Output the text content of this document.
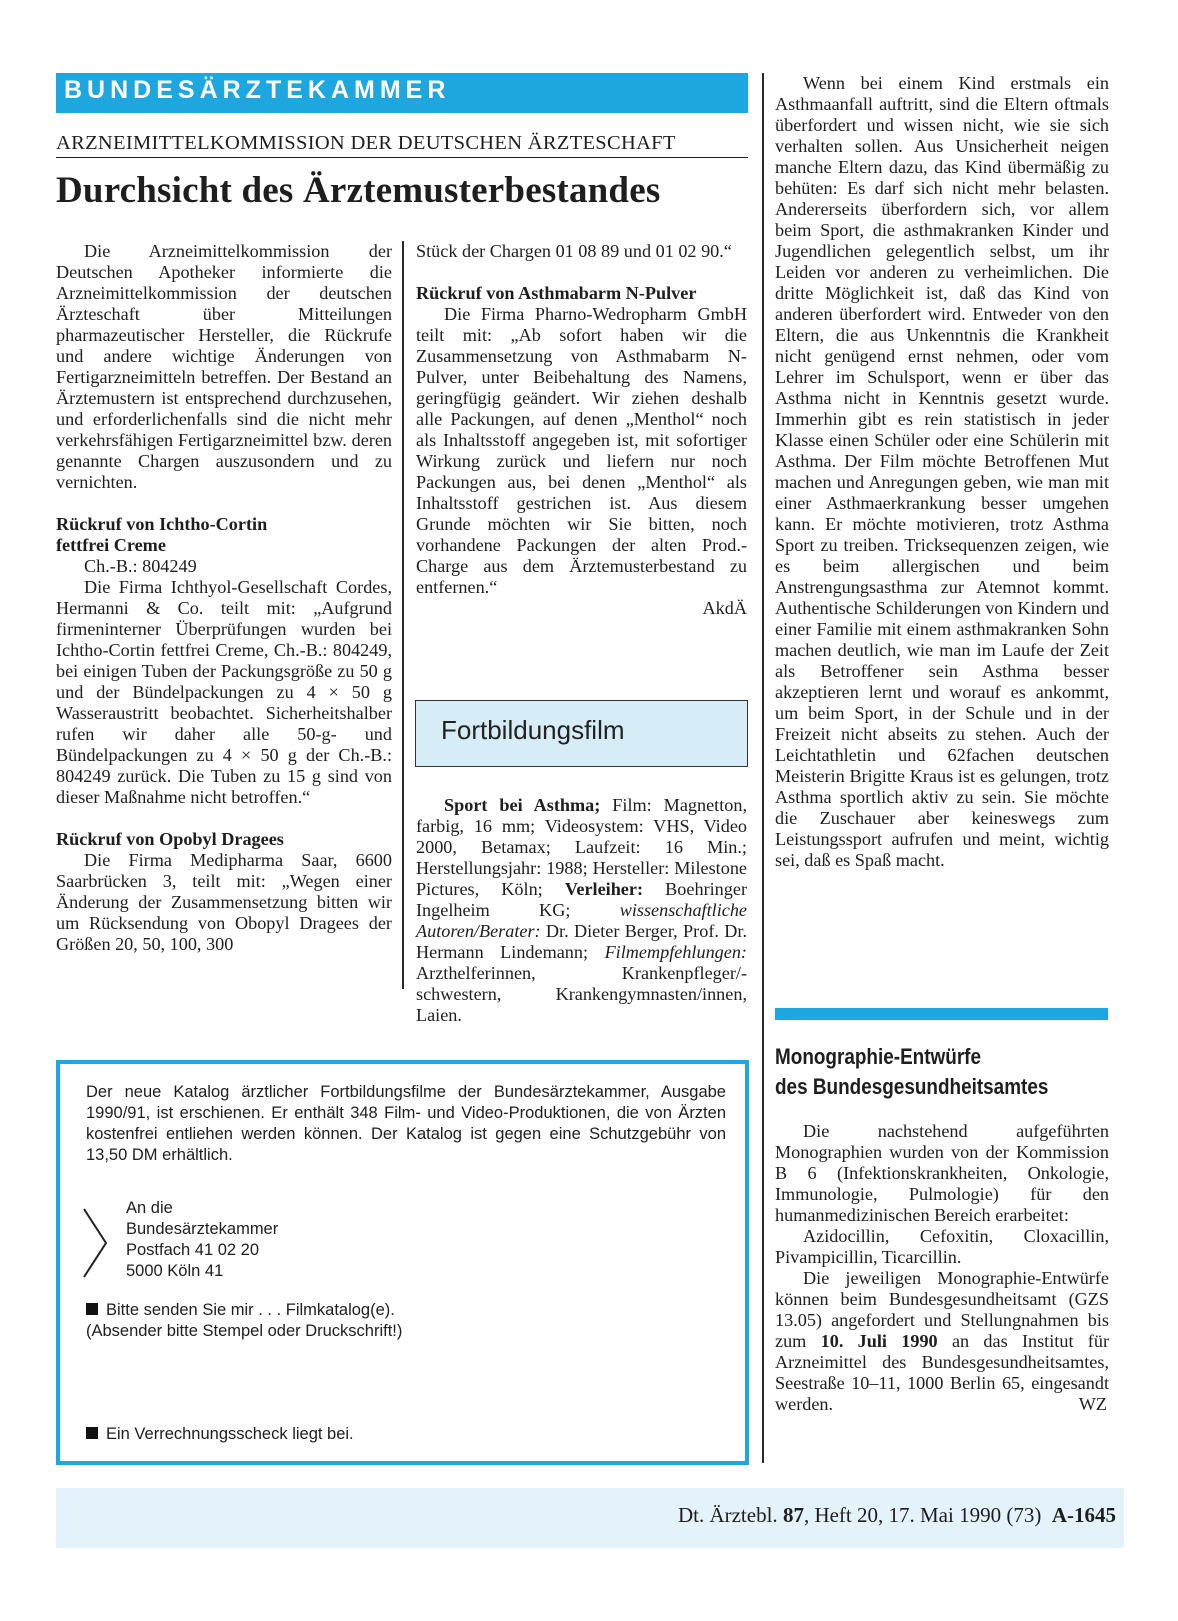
BUNDESÄRZTEKAMMER
ARZNEIMITTELKOMMISSION DER DEUTSCHEN ÄRZTESCHAFT
Durchsicht des Ärztemusterbestandes

Die Arzneimittelkommission der Deutschen Apotheker informierte die Arzneimittelkommission der deutschen Ärzteschaft über Mitteilungen pharmazeutischer Hersteller, die Rückrufe und andere wichtige Änderungen von Fertigarzneimitteln betreffen. Der Bestand an Ärztemustern ist entsprechend durchzusehen, und erforderlichenfalls sind die nicht mehr verkehrsfähigen Fertigarzneimittel bzw. deren genannte Chargen auszusondern und zu vernichten.

Rückruf von Ichtho-Cortin
fettfrei Creme

Ch.-B.: 804249

Die Firma Ichthyol-Gesellschaft Cordes, Hermanni & Co. teilt mit: „Aufgrund firmeninterner Überprüfungen wurden bei Ichtho-Cortin fettfrei Creme, Ch.-B.: 804249, bei einigen Tuben der Packungsgröße zu 50 g und der Bündelpackungen zu 4 × 50 g Wasseraustritt beobachtet. Sicherheitshalber rufen wir daher alle 50-g- und Bündelpackungen zu 4 × 50 g der Ch.-B.: 804249 zurück. Die Tuben zu 15 g sind von dieser Maßnahme nicht betroffen.“

Rückruf von Opobyl Dragees

Die Firma Medipharma Saar, 6600 Saarbrücken 3, teilt mit: „Wegen einer Änderung der Zusammensetzung bitten wir um Rücksendung von Obopyl Dragees der Größen 20, 50, 100, 300

Stück der Chargen 01 08 89 und 01 02 90.“

Rückruf von Asthmabarm N-Pulver

Die Firma Pharno-Wedropharm GmbH teilt mit: „Ab sofort haben wir die Zusammensetzung von Asthmabarm N-Pulver, unter Beibehaltung des Namens, geringfügig geändert. Wir ziehen deshalb alle Packungen, auf denen „Menthol“ noch als Inhaltsstoff angegeben ist, mit sofortiger Wirkung zurück und liefern nur noch Packungen aus, bei denen „Menthol“ als Inhaltsstoff gestrichen ist. Aus diesem Grunde möchten wir Sie bitten, noch vorhandene Packungen der alten Prod.-Charge aus dem Ärztemusterbestand zu entfernen.“

AkdÄ
Fortbildungsfilm

Sport bei Asthma; Film: Magnetton, farbig, 16 mm; Videosystem: VHS, Video 2000, Betamax; Laufzeit: 16 Min.; Herstellungsjahr: 1988; Hersteller: Milestone Pictures, Köln; Verleiher: Boehringer Ingelheim KG; wissenschaftliche Autoren/Berater: Dr. Dieter Berger, Prof. Dr. Hermann Lindemann; Filmempfehlungen: Arzthelferinnen, Krankenpfleger/-schwestern, Krankengymnasten/innen, Laien.

Wenn bei einem Kind erstmals ein Asthmaanfall auftritt, sind die Eltern oftmals überfordert und wissen nicht, wie sie sich verhalten sollen. Aus Unsicherheit neigen manche Eltern dazu, das Kind übermäßig zu behüten: Es darf sich nicht mehr belasten. Andererseits überfordern sich, vor allem beim Sport, die asthmakranken Kinder und Jugendlichen gelegentlich selbst, um ihr Leiden vor anderen zu verheimlichen. Die dritte Möglichkeit ist, daß das Kind von anderen überfordert wird. Entweder von den Eltern, die aus Unkenntnis die Krankheit nicht genügend ernst nehmen, oder vom Lehrer im Schulsport, wenn er über das Asthma nicht in Kenntnis gesetzt wurde. Immerhin gibt es rein statistisch in jeder Klasse einen Schüler oder eine Schülerin mit Asthma. Der Film möchte Betroffenen Mut machen und Anregungen geben, wie man mit einer Asthmaerkrankung besser umgehen kann. Er möchte motivieren, trotz Asthma Sport zu treiben. Tricksequenzen zeigen, wie es beim allergischen und beim Anstrengungsasthma zur Atemnot kommt. Authentische Schilderungen von Kindern und einer Familie mit einem asthmakranken Sohn machen deutlich, wie man im Laufe der Zeit als Betroffener sein Asthma besser akzeptieren lernt und worauf es ankommt, um beim Sport, in der Schule und in der Freizeit nicht abseits zu stehen. Auch der Leichtathletin und 62fachen deutschen Meisterin Brigitte Kraus ist es gelungen, trotz Asthma sportlich aktiv zu sein. Sie möchte die Zuschauer aber keineswegs zum Leistungssport aufrufen und meint, wichtig sei, daß es Spaß macht.

Der neue Katalog ärztlicher Fortbildungsfilme der Bundesärztekammer, Ausgabe 1990/91, ist erschienen. Er enthält 348 Film- und Video-Produktionen, die von Ärzten kostenfrei entliehen werden können. Der Katalog ist gegen eine Schutzgebühr von 13,50 DM erhältlich.
An die
Bundesärztekammer
Postfach 41 02 20
5000 Köln 41
Bitte senden Sie mir . . . Filmkatalog(e).
(Absender bitte Stempel oder Druckschrift!)
Ein Verrechnungsscheck liegt bei.
Monographie-Entwürfe
des Bundesgesundheitsamtes

Die nachstehend aufgeführten Monographien wurden von der Kommission B 6 (Infektionskrankheiten, Onkologie, Immunologie, Pulmologie) für den humanmedizinischen Bereich erarbeitet:

Azidocillin, Cefoxitin, Cloxacillin, Pivampicillin, Ticarcillin.

Die jeweiligen Monographie-Entwürfe können beim Bundesgesundheitsamt (GZS 13.05) angefordert und Stellungnahmen bis zum 10. Juli 1990 an das Institut für Arzneimittel des Bundesgesundheitsamtes, Seestraße 10–11, 1000 Berlin 65, eingesandt werden.	WZ
Dt. Ärztebl. 87, Heft 20, 17. Mai 1990 (73) A-1645
